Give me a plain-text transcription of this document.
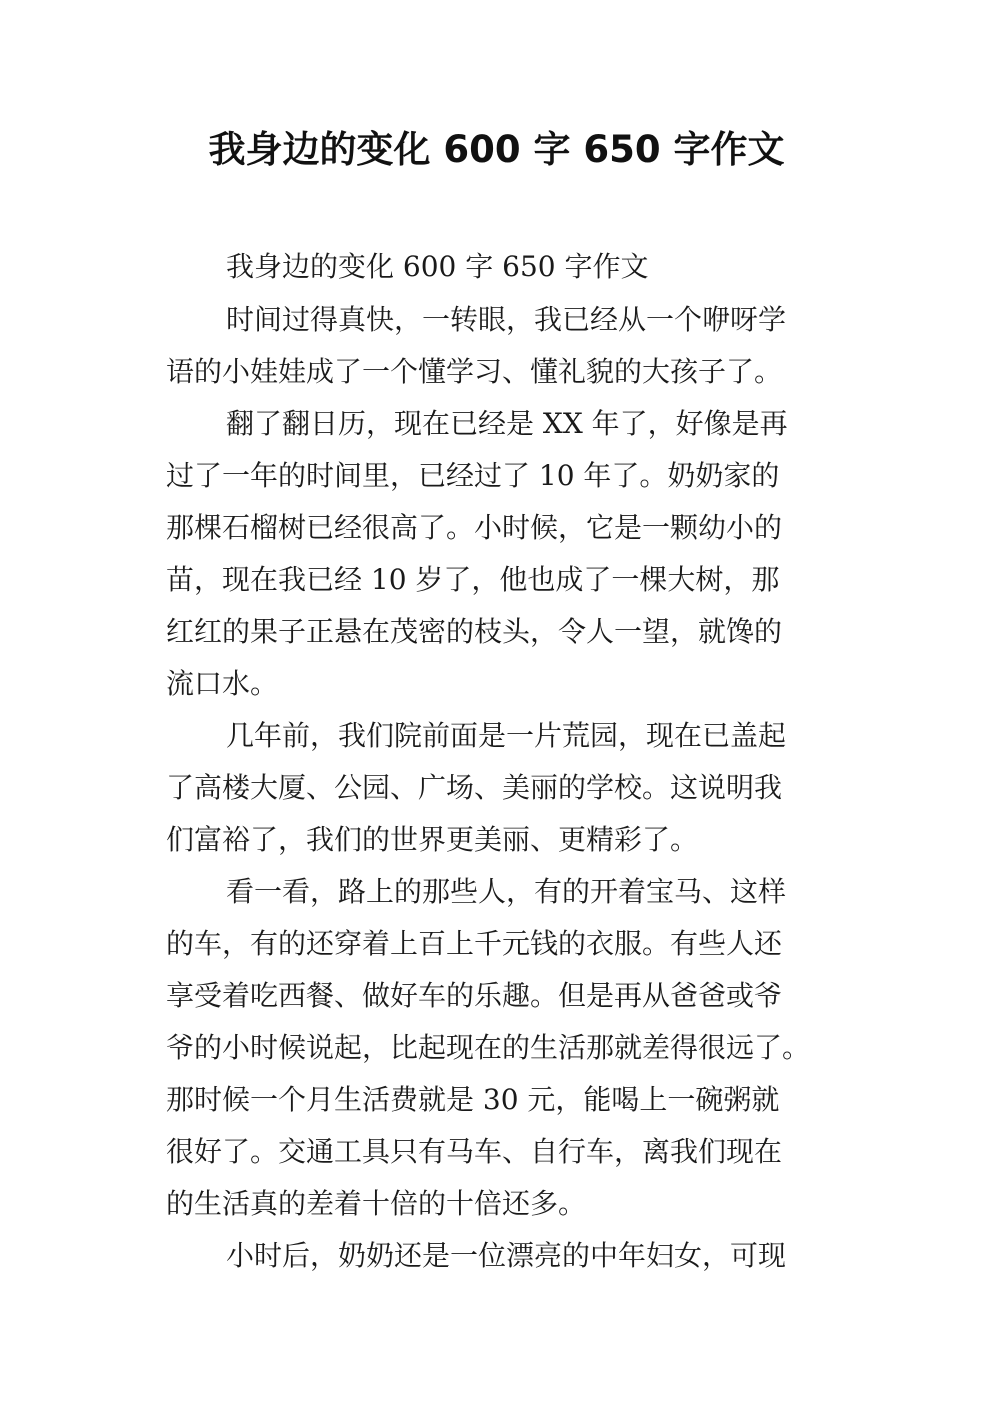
我身边的变化 600 字 650 字作文
我身边的变化 600 字 650 字作文
时间过得真快，一转眼，我已经从一个咿呀学
语的小娃娃成了一个懂学习、懂礼貌的大孩子了。
翻了翻日历，现在已经是 XX 年了，好像是再
过了一年的时间里，已经过了 10 年了。奶奶家的
那棵石榴树已经很高了。小时候，它是一颗幼小的
苗，现在我已经 10 岁了，他也成了一棵大树，那
红红的果子正悬在茂密的枝头，令人一望，就馋的
流口水。
几年前，我们院前面是一片荒园，现在已盖起
了高楼大厦、公园、广场、美丽的学校。这说明我
们富裕了，我们的世界更美丽、更精彩了。
看一看，路上的那些人，有的开着宝马、这样
的车，有的还穿着上百上千元钱的衣服。有些人还
享受着吃西餐、做好车的乐趣。但是再从爸爸或爷
爷的小时候说起，比起现在的生活那就差得很远了。
那时候一个月生活费就是 30 元，能喝上一碗粥就
很好了。交通工具只有马车、自行车，离我们现在
的生活真的差着十倍的十倍还多。
小时后，奶奶还是一位漂亮的中年妇女，可现
